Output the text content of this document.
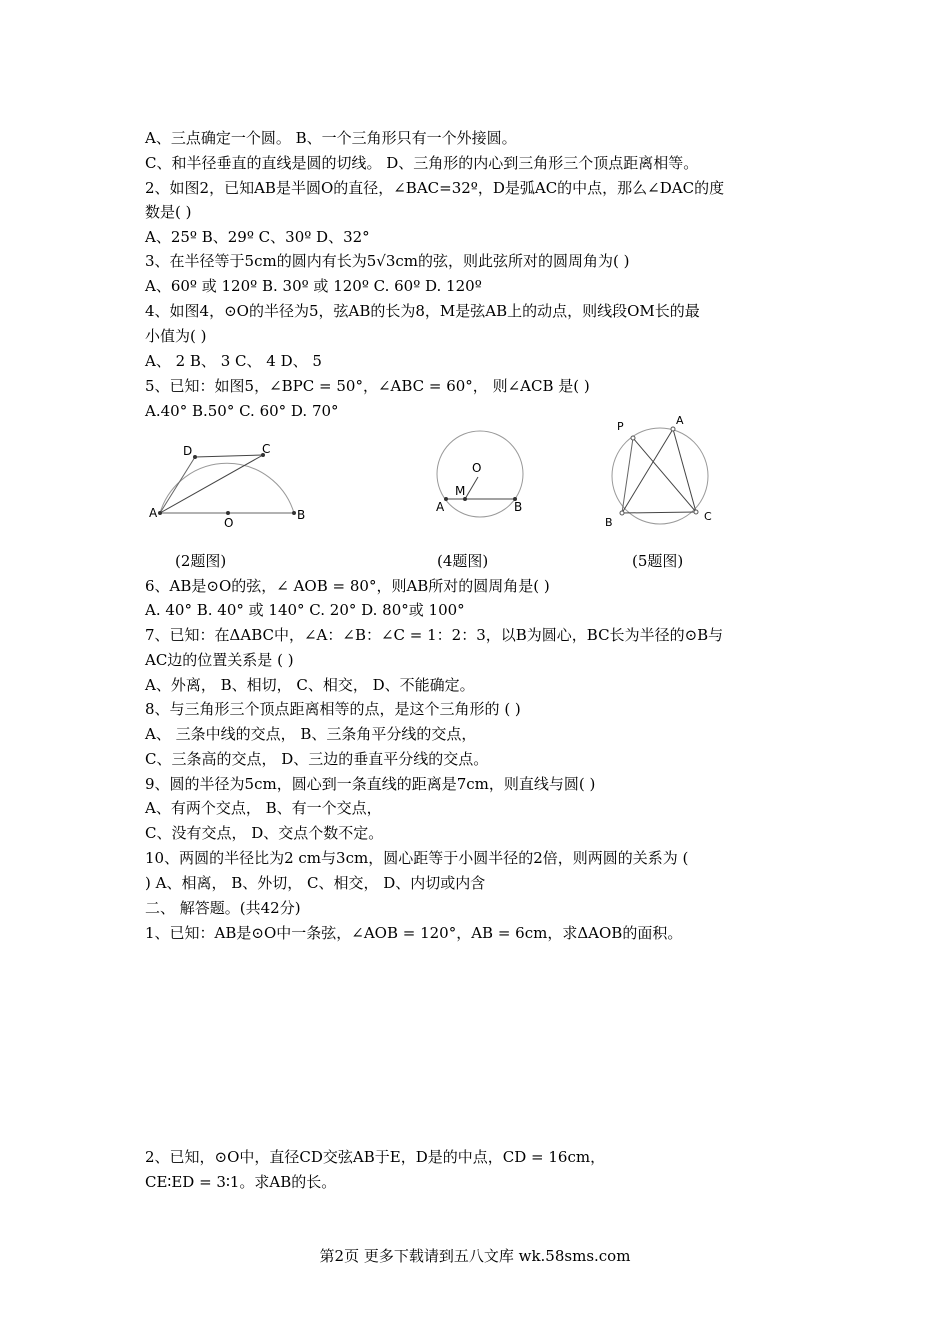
A、三点确定一个圆。 B、一个三角形只有一个外接圆。
C、和半径垂直的直线是圆的切线。 D、三角形的内心到三角形三个顶点距离相等。
2、如图2，已知AB是半圆O的直径，∠BAC=32º，D是弧AC的中点，那么∠DAC的度
数是( )
A、25º B、29º C、30º D、32°
3、在半径等于5cm的圆内有长为5√3cm的弦，则此弦所对的圆周角为( )
A、60º 或 120º B. 30º 或 120º C. 60º D. 120º
4、如图4，⊙O的半径为5，弦AB的长为8，M是弦AB上的动点，则线段OM长的最
小值为( )
A、 2 B、 3 C、 4 D、 5
5、已知：如图5，∠BPC = 50°，∠ABC = 60°， 则∠ACB 是( )
A.40° B.50° C. 60° D. 70°
D	C
A
O
B
O
M
A	B
P	A
B	C
(2题图)	(4题图)	(5题图)
6、AB是⊙O的弦，∠ AOB = 80°，则AB所对的圆周角是( )
A. 40° B. 40° 或 140° C. 20° D. 80°或 100°
7、已知：在ΔABC中，∠A：∠B：∠C = 1：2：3，以B为圆心，BC长为半径的⊙B与
AC边的位置关系是 ( )
A、外离， B、相切， C、相交， D、不能确定。
8、与三角形三个顶点距离相等的点，是这个三角形的 ( )
A、 三条中线的交点， B、三条角平分线的交点，
C、三条高的交点， D、三边的垂直平分线的交点。
9、圆的半径为5cm，圆心到一条直线的距离是7cm，则直线与圆( )
A、有两个交点， B、有一个交点，
C、没有交点， D、交点个数不定。
10、两圆的半径比为2 cm与3cm，圆心距等于小圆半径的2倍，则两圆的关系为 (
) A、相离， B、外切， C、相交， D、内切或内含
二、 解答题。(共42分)
1、已知：AB是⊙O中一条弦，∠AOB = 120°，AB = 6cm，求ΔAOB的面积。
2、已知，⊙O中，直径CD交弦AB于E，D是的中点，CD = 16cm，
CE∶ED = 3∶1。求AB的长。
第2页 更多下载请到五八文库 wk.58sms.com
